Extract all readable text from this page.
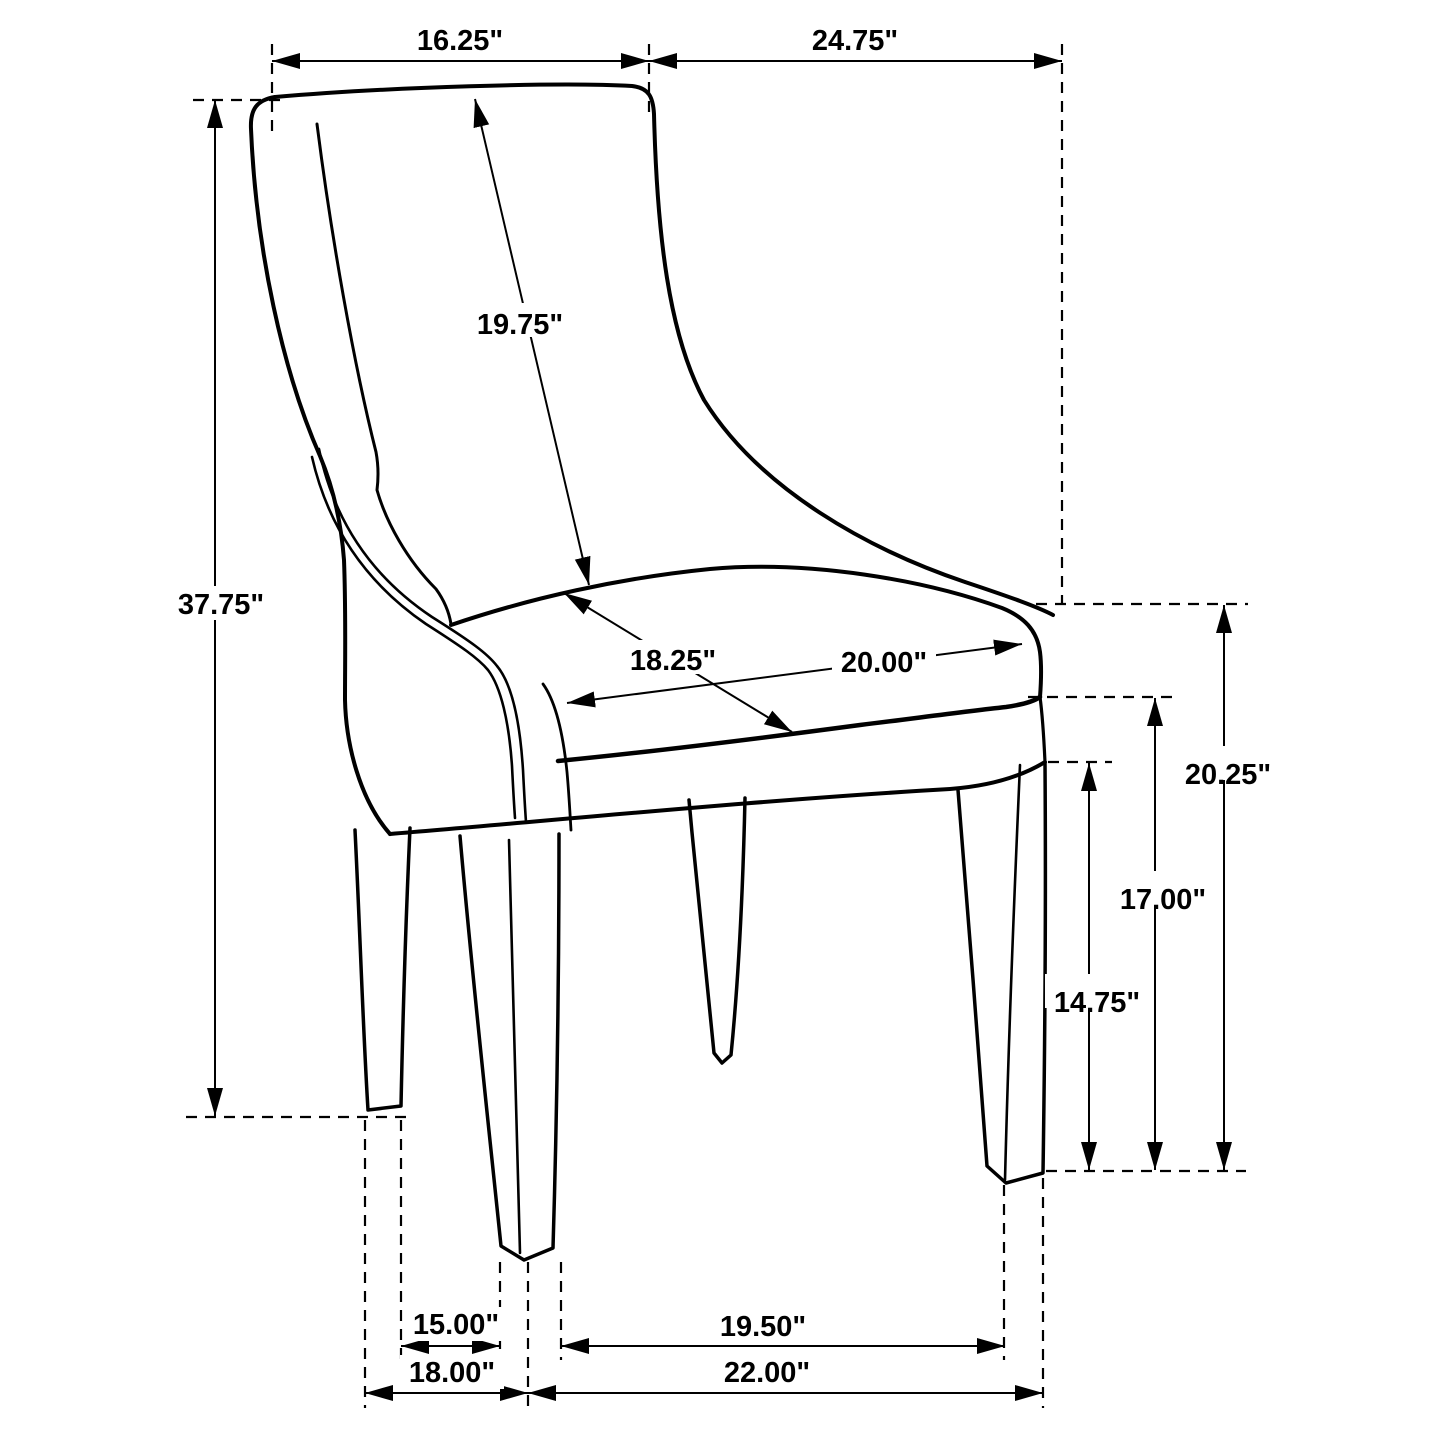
16.25"	24.75"
37.75"
19.75"
18.25"	20.00"
20.25"
17.00"
14.75"
15.00"	19.50"
18.00"	22.00"
